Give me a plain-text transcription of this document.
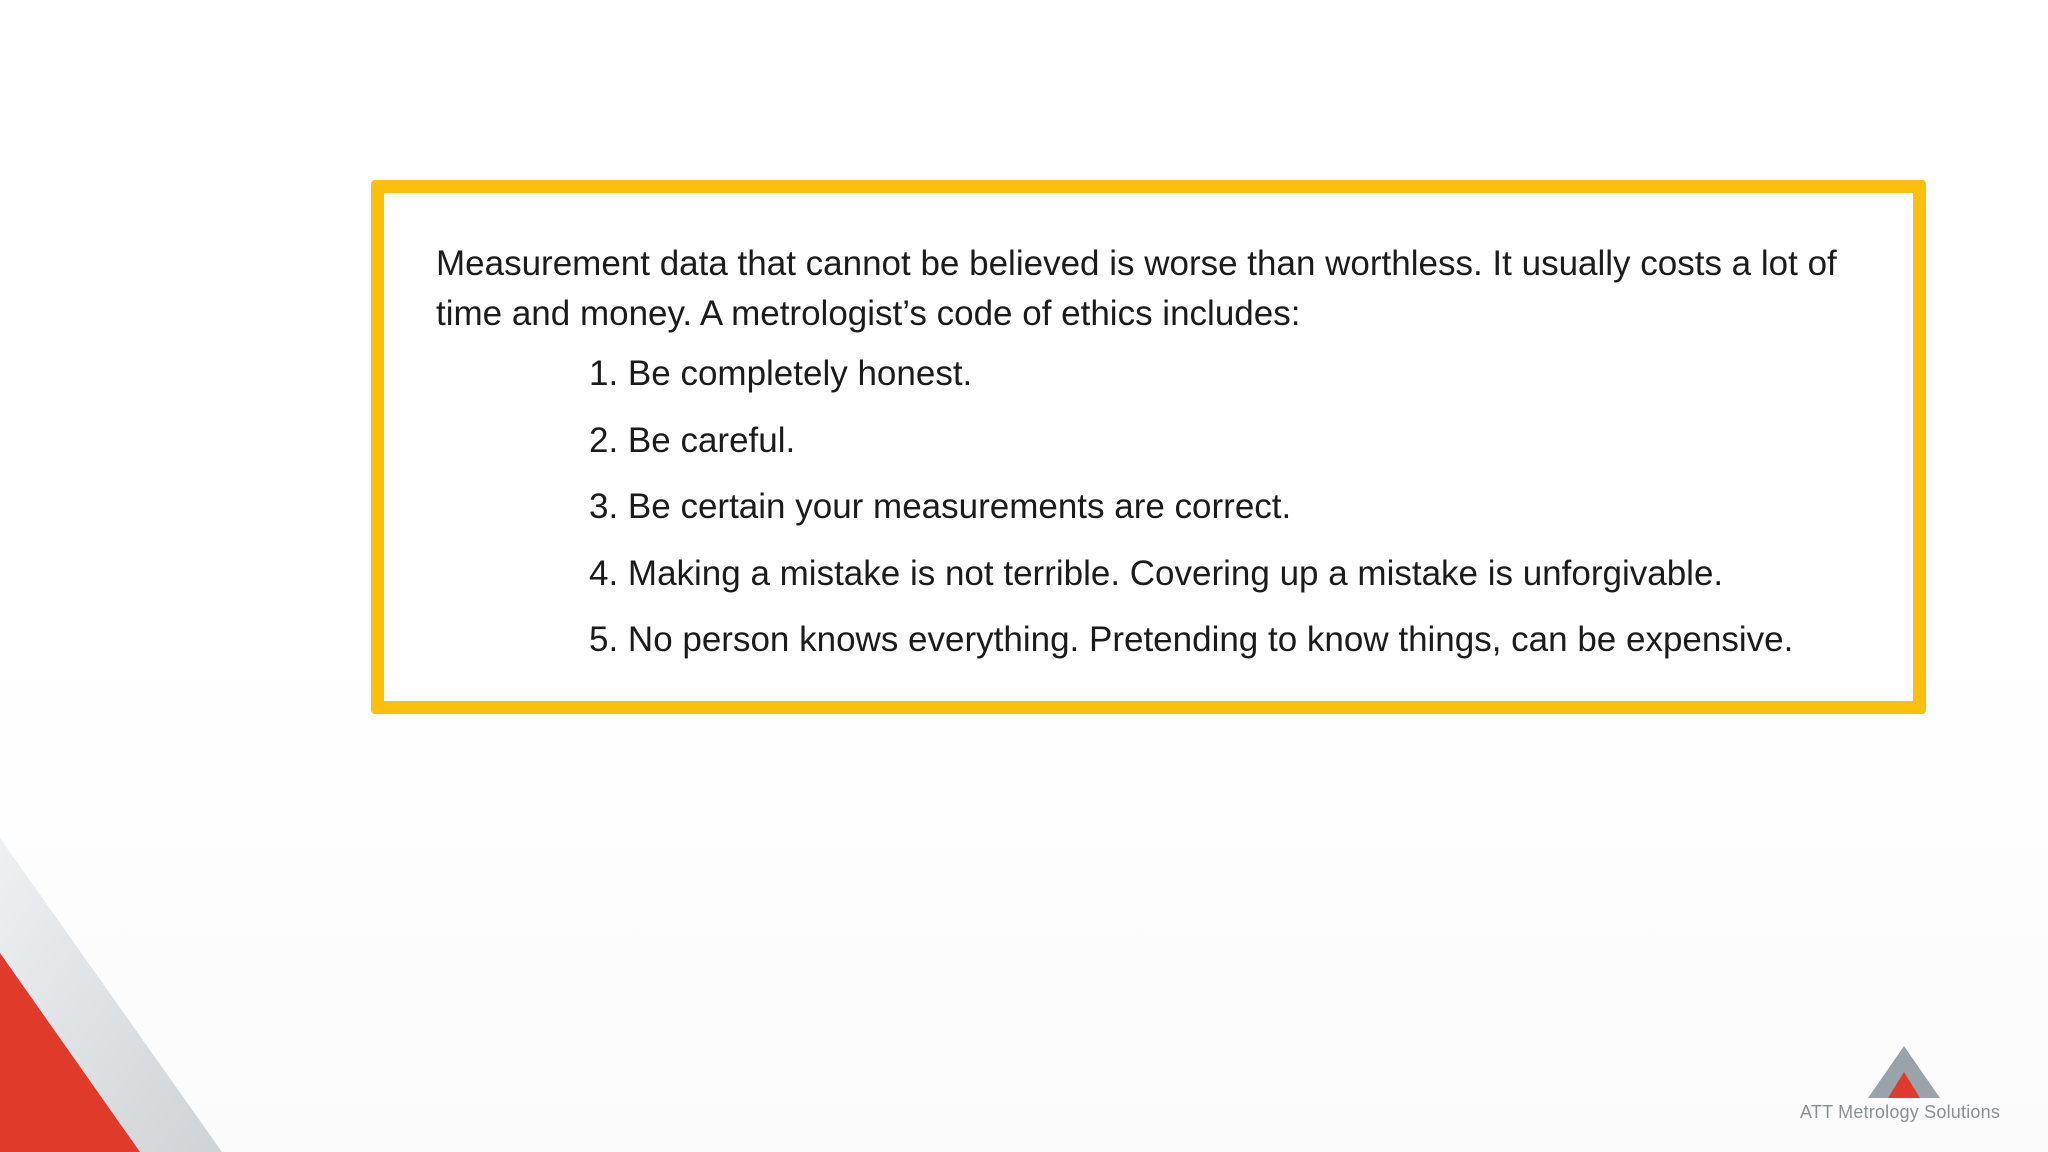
Measurement data that cannot be believed is worse than worthless. It usually costs a lot of time and money. A metrologist’s code of ethics includes:

1. Be completely honest.
2. Be careful.
3. Be certain your measurements are correct.
4. Making a mistake is not terrible. Covering up a mistake is unforgivable.
5. No person knows everything. Pretending to know things, can be expensive.
ATT Metrology Solutions
